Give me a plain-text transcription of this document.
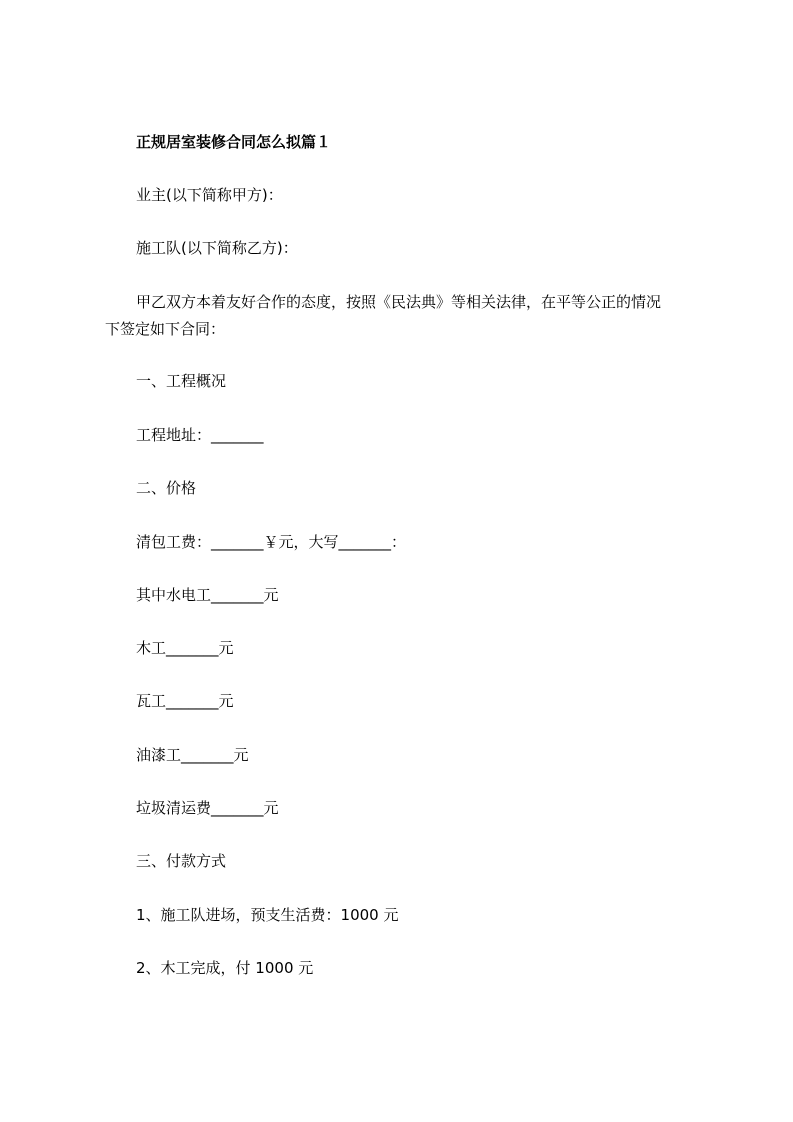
正规居室装修合同怎么拟篇１
业主(以下简称甲方)：
施工队(以下简称乙方)：
甲乙双方本着友好合作的态度，按照《民法典》等相关法律，在平等公正的情况
下签定如下合同：
一、工程概况
工程地址：_______
二、价格
清包工费：_______￥元，大写_______：
其中水电工_______元
木工_______元
瓦工_______元
油漆工_______元
垃圾清运费_______元
三、付款方式
1、施工队进场，预支生活费：1000 元
2、木工完成，付 1000 元
